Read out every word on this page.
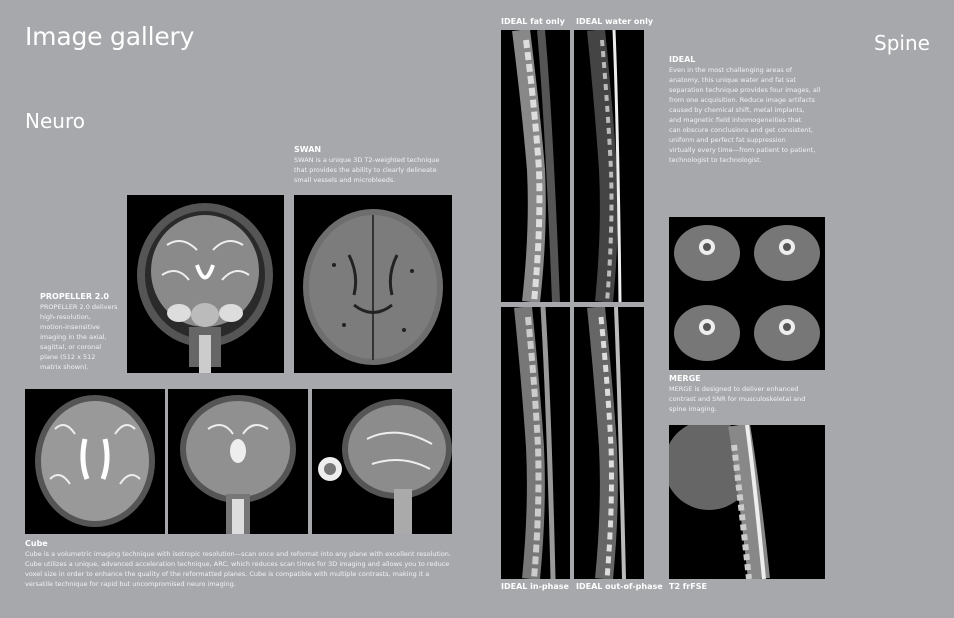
Image gallery	Spine
Neuro

SWAN

SWAN is a unique 3D T2-weighted technique

that provides the ability to clearly delineate

small vessels and microbleeds.

PROPELLER 2.0

PROPELLER 2.0 delivers

high-resolution,

motion-insensitive

imaging in the axial,

sagittal, or coronal

plane (512 x 512

matrix shown).

Cube

Cube is a volumetric imaging technique with isotropic resolution—scan once and reformat into any plane with excellent resolution.

Cube utilizes a unique, advanced acceleration technique, ARC, which reduces scan times for 3D imaging and allows you to reduce

voxel size in order to enhance the quality of the reformatted planes. Cube is compatible with multiple contrasts, making it a

versatile technique for rapid but uncompromised neuro imaging.

IDEAL fat only IDEAL water only
IDEAL in-phase IDEAL out-of-phase

IDEAL

Even in the most challenging areas of

anatomy, this unique water and fat sat

separation technique provides four images, all

from one acquisition. Reduce image artifacts

caused by chemical shift, metal implants,

and magnetic field inhomogeneities that

can obscure conclusions and get consistent,

uniform and perfect fat suppression

virtually every time—from patient to patient,

technologist to technologist.

MERGE

MERGE is designed to deliver enhanced

contrast and SNR for musculoskeletal and

spine imaging.

T2 frFSE
